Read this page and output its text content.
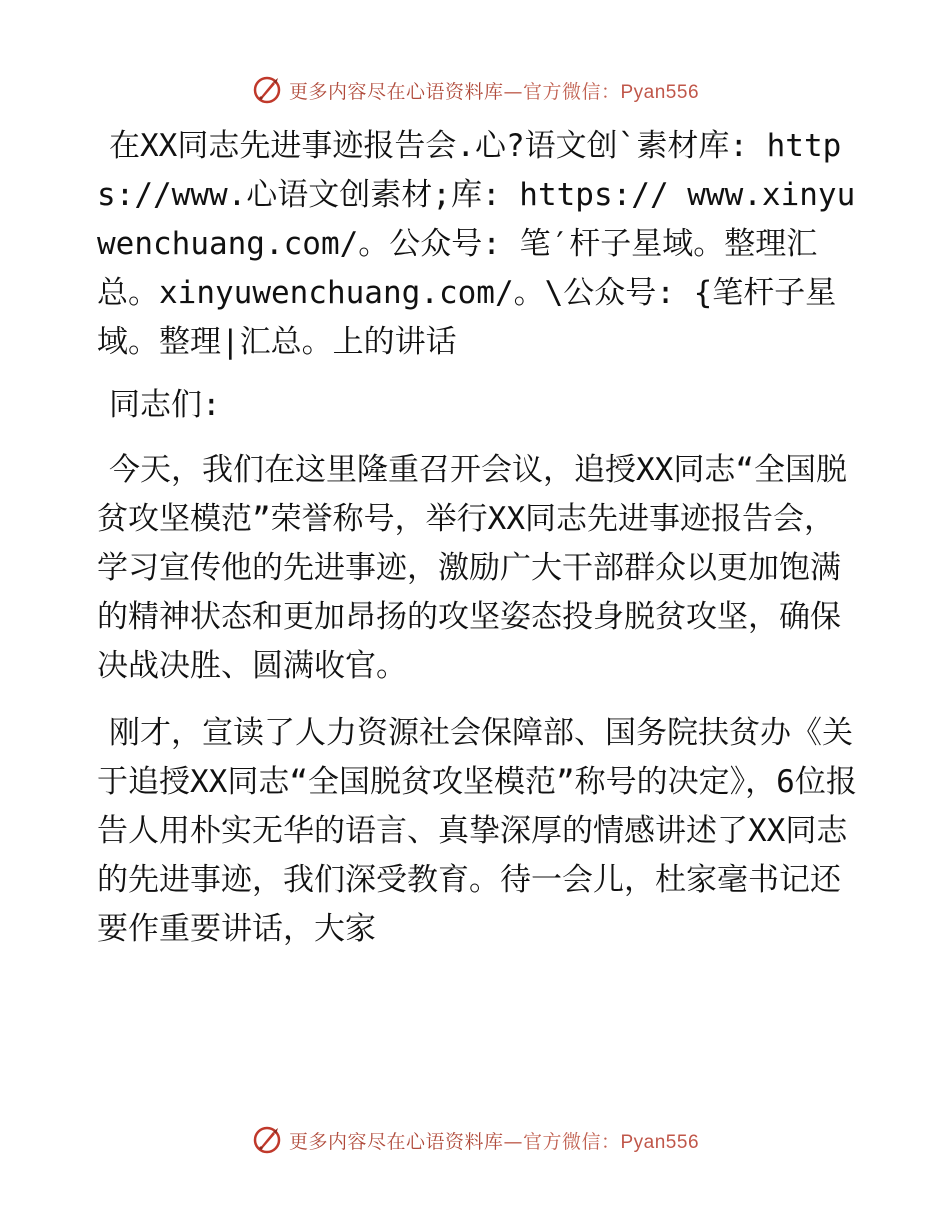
更多内容尽在心语资料库—官方微信：Pyan556

在XX同志先进事迹报告会.心?语文创`素材库: https://www.心语文创素材;库: https:// www.xinyuwenchuang.com/。公众号: 笔′杆子星域。整理汇总。xinyuwenchuang.com/。\公众号: {笔杆子星域。整理|汇总。上的讲话

同志们:

今天，我们在这里隆重召开会议，追授XX同志“全国脱贫攻坚模范”荣誉称号，举行XX同志先进事迹报告会，学习宣传他的先进事迹，激励广大干部群众以更加饱满的精神状态和更加昂扬的攻坚姿态投身脱贫攻坚，确保决战决胜、圆满收官。

刚才，宣读了人力资源社会保障部、国务院扶贫办《关于追授XX同志“全国脱贫攻坚模范”称号的决定》，6位报告人用朴实无华的语言、真挚深厚的情感讲述了XX同志的先进事迹，我们深受教育。待一会儿，杜家毫书记还要作重要讲话，大家

更多内容尽在心语资料库—官方微信：Pyan556
